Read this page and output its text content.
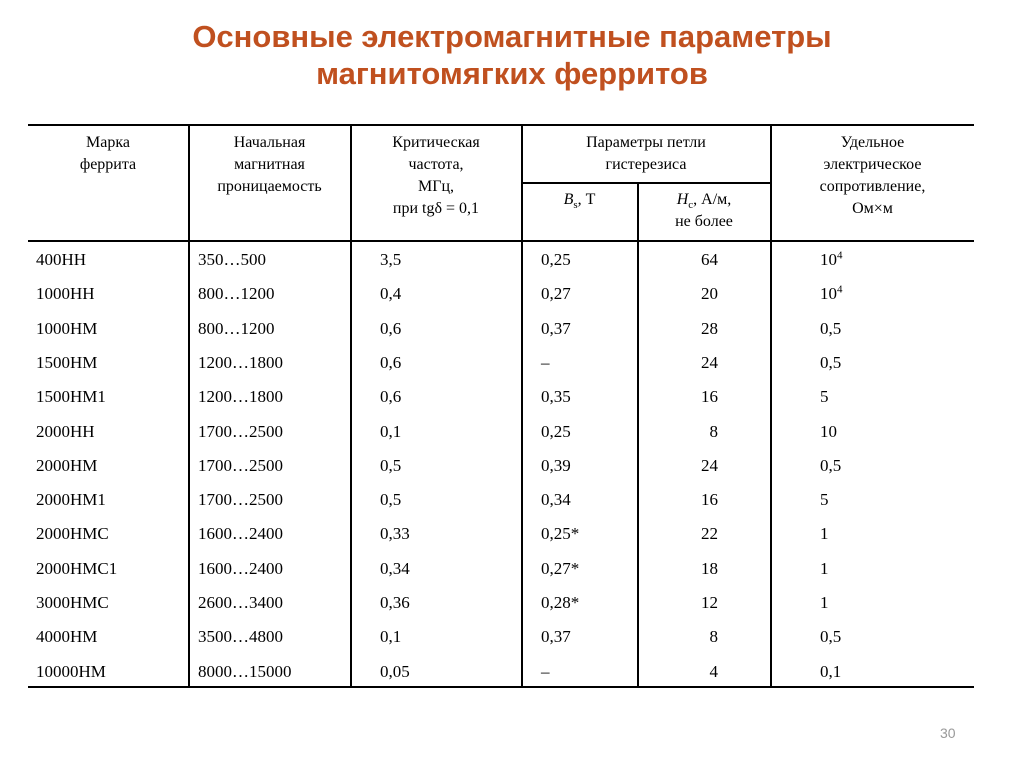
Основные электромагнитные параметры
магнитомягких ферритов
Марка
феррита
Начальная
магнитная
проницаемость
Критическая
частота,
МГц,
при tgδ = 0,1
Параметры петли
гистерезиса
$B_s$, Т	$H_c$, А/м,
не более
Удельное
электрическое
сопротивление,
Ом×м
400НН	350…500	3,5	0,25	64	$10^4$
1000НН	800…1200	0,4	0,27	20	$10^4$
1000НМ	800…1200	0,6	0,37	28	0,5
1500НМ	1200…1800	0,6	–	24	0,5
1500НМ1	1200…1800	0,6	0,35	16	5
2000НН	1700…2500	0,1	0,25	8	10
2000НМ	1700…2500	0,5	0,39	24	0,5
2000НМ1	1700…2500	0,5	0,34	16	5
2000НМС	1600…2400	0,33	0,25*	22	1
2000НМС1	1600…2400	0,34	0,27*	18	1
3000НМС	2600…3400	0,36	0,28*	12	1
4000НМ	3500…4800	0,1	0,37	8	0,5
10000НМ	8000…15000	0,05	–	4	0,1
30
